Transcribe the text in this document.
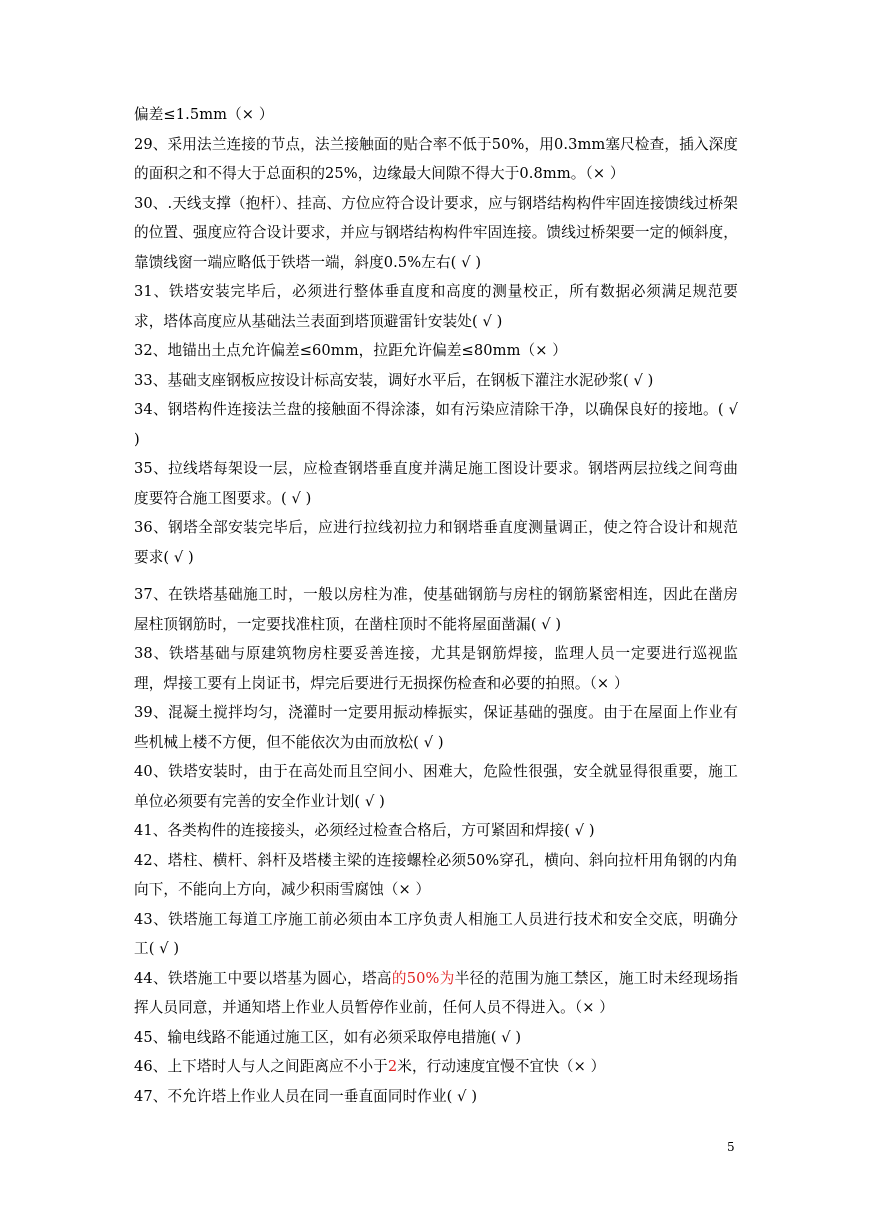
偏差≤1.5mm（× ）
29、采用法兰连接的节点，法兰接触面的贴合率不低于50%，用0.3mm塞尺检查，插入深度的面积之和不得大于总面积的25%，边缘最大间隙不得大于0.8mm。（× ）
30、.天线支撑（抱杆）、挂高、方位应符合设计要求，应与钢塔结构构件牢固连接馈线过桥架的位置、强度应符合设计要求，并应与钢塔结构构件牢固连接。馈线过桥架要一定的倾斜度，靠馈线窗一端应略低于铁塔一端，斜度0.5%左右( √ )
31、铁塔安装完毕后，必须进行整体垂直度和高度的测量校正，所有数据必须满足规范要求，塔体高度应从基础法兰表面到塔顶避雷针安装处( √ )
32、地锚出土点允许偏差≤60mm，拉距允许偏差≤80mm（× ）
33、基础支座钢板应按设计标高安装，调好水平后，在钢板下灌注水泥砂浆( √ )
34、钢塔构件连接法兰盘的接触面不得涂漆，如有污染应清除干净，以确保良好的接地。( √ )
35、拉线塔每架设一层，应检查钢塔垂直度并满足施工图设计要求。钢塔两层拉线之间弯曲度要符合施工图要求。( √ )
36、钢塔全部安装完毕后，应进行拉线初拉力和钢塔垂直度测量调正，使之符合设计和规范要求( √ )
37、在铁塔基础施工时，一般以房柱为准，使基础钢筋与房柱的钢筋紧密相连，因此在凿房屋柱顶钢筋时，一定要找准柱顶，在凿柱顶时不能将屋面凿漏( √ )
38、铁塔基础与原建筑物房柱要妥善连接，尤其是钢筋焊接，监理人员一定要进行巡视监理，焊接工要有上岗证书，焊完后要进行无损探伤检查和必要的拍照。（× ）
39、混凝土搅拌均匀，浇灌时一定要用振动棒振实，保证基础的强度。由于在屋面上作业有些机械上楼不方便，但不能依次为由而放松( √ )
40、铁塔安装时，由于在高处而且空间小、困难大，危险性很强，安全就显得很重要，施工单位必须要有完善的安全作业计划( √ )
41、各类构件的连接接头，必须经过检查合格后，方可紧固和焊接( √ )
42、塔柱、横杆、斜杆及塔楼主梁的连接螺栓必须50%穿孔，横向、斜向拉杆用角钢的内角向下，不能向上方向，减少积雨雪腐蚀（× ）
43、铁塔施工每道工序施工前必须由本工序负责人相施工人员进行技术和安全交底，明确分工( √ )
44、铁塔施工中要以塔基为圆心，塔高的50%为半径的范围为施工禁区，施工时未经现场指挥人员同意，并通知塔上作业人员暂停作业前，任何人员不得进入。（× ）
45、输电线路不能通过施工区，如有必须采取停电措施( √ )
46、上下塔时人与人之间距离应不小于2米，行动速度宜慢不宜快（× ）
47、不允许塔上作业人员在同一垂直面同时作业( √ )
5
